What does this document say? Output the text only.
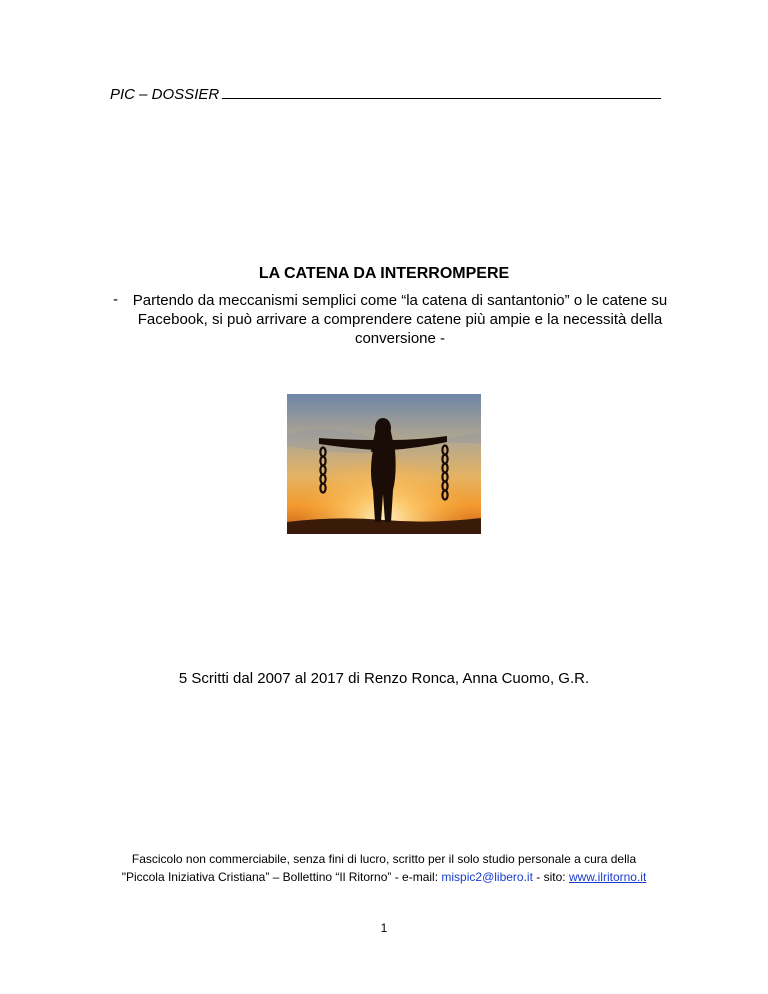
PIC – DOSSIER
LA CATENA DA INTERROMPERE
- Partendo da meccanismi semplici come “la catena di santantonio” o le catene su
Facebook, si può arrivare a comprendere catene più ampie e la necessità della
conversione -
5 Scritti dal 2007 al 2017 di Renzo Ronca, Anna Cuomo, G.R.
Fascicolo non commerciabile, senza fini di lucro, scritto per il solo studio personale a cura della
"Piccola Iniziativa Cristiana” – Bollettino “Il Ritorno” - e-mail: mispic2@libero.it - sito: www.ilritorno.it
1
